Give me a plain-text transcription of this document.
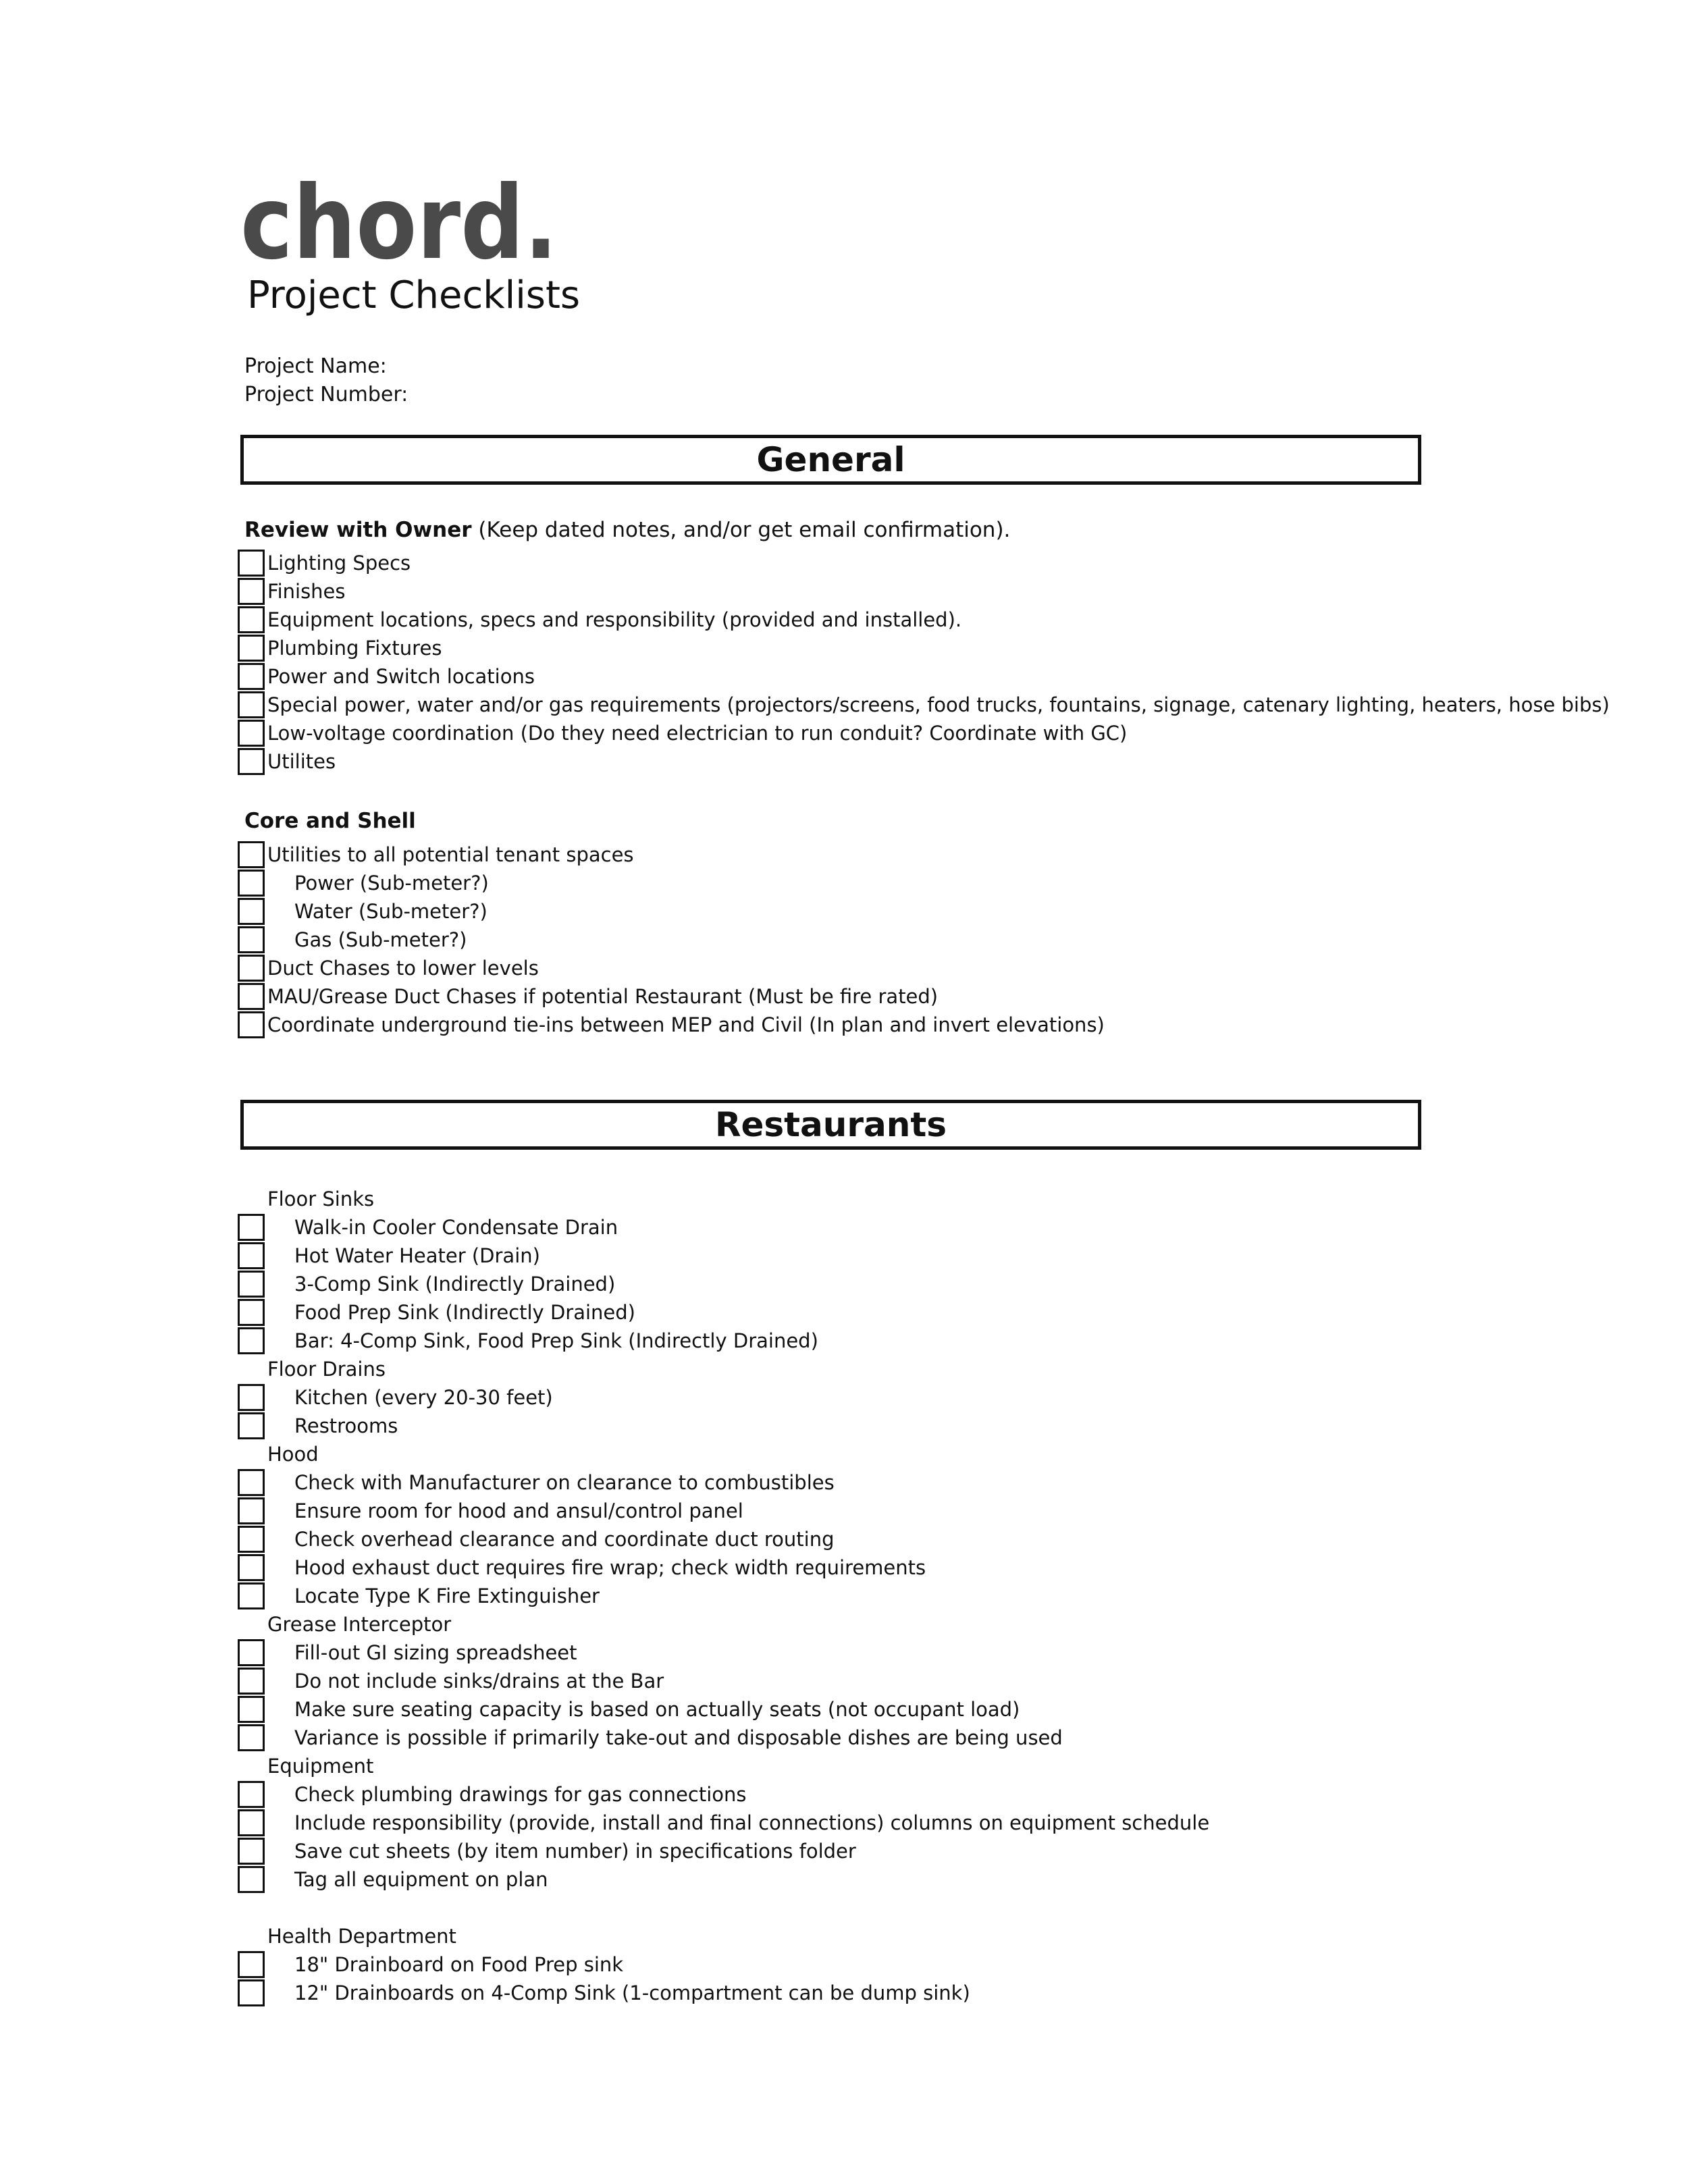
chord.
Project Checklists
Project Name:
Project Number:
General
Review with Owner (Keep dated notes, and/or get email confirmation).
Lighting Specs
Finishes
Equipment locations, specs and responsibility (provided and installed).
Plumbing Fixtures
Power and Switch locations
Special power, water and/or gas requirements (projectors/screens, food trucks, fountains, signage, catenary lighting, heaters, hose bibs)
Low-voltage coordination (Do they need electrician to run conduit? Coordinate with GC)
Utilites
Core and Shell
Utilities to all potential tenant spaces
Power (Sub-meter?)
Water (Sub-meter?)
Gas (Sub-meter?)
Duct Chases to lower levels
MAU/Grease Duct Chases if potential Restaurant (Must be fire rated)
Coordinate underground tie-ins between MEP and Civil (In plan and invert elevations)
Restaurants
Floor Sinks
Walk-in Cooler Condensate Drain
Hot Water Heater (Drain)
3-Comp Sink (Indirectly Drained)
Food Prep Sink (Indirectly Drained)
Bar: 4-Comp Sink, Food Prep Sink (Indirectly Drained)
Floor Drains
Kitchen (every 20-30 feet)
Restrooms
Hood
Check with Manufacturer on clearance to combustibles
Ensure room for hood and ansul/control panel
Check overhead clearance and coordinate duct routing
Hood exhaust duct requires fire wrap; check width requirements
Locate Type K Fire Extinguisher
Grease Interceptor
Fill-out GI sizing spreadsheet
Do not include sinks/drains at the Bar
Make sure seating capacity is based on actually seats (not occupant load)
Variance is possible if primarily take-out and disposable dishes are being used
Equipment
Check plumbing drawings for gas connections
Include responsibility (provide, install and final connections) columns on equipment schedule
Save cut sheets (by item number) in specifications folder
Tag all equipment on plan
Health Department
18" Drainboard on Food Prep sink
12" Drainboards on 4-Comp Sink (1-compartment can be dump sink)
